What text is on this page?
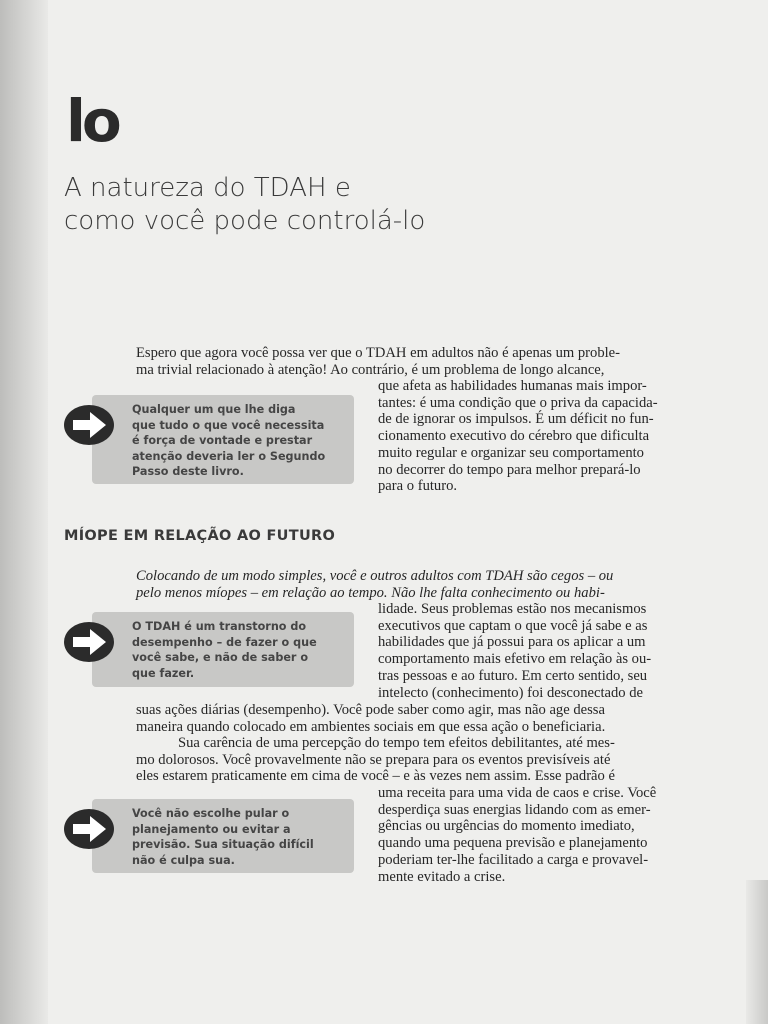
lo
A natureza do TDAH e
como você pode controlá-lo

Espero que agora você possa ver que o TDAH em adultos não é apenas um proble-
ma trivial relacionado à atenção! Ao contrário, é um problema de longo alcance,

que afeta as habilidades humanas mais impor-
tantes: é uma condição que o priva da capacida-
de de ignorar os impulsos. É um déficit no fun-
cionamento executivo do cérebro que dificulta
muito regular e organizar seu comportamento
no decorrer do tempo para melhor prepará-lo
para o futuro.

Qualquer um que lhe diga
que tudo o que você necessita
é força de vontade e prestar
atenção deveria ler o Segundo
Passo deste livro.
MÍOPE EM RELAÇÃO AO FUTURO

Colocando de um modo simples, você e outros adultos com TDAH são cegos – ou
pelo menos míopes – em relação ao tempo. Não lhe falta conhecimento ou habi-

lidade. Seus problemas estão nos mecanismos
executivos que captam o que você já sabe e as
habilidades que já possui para os aplicar a um
comportamento mais efetivo em relação às ou-
tras pessoas e ao futuro. Em certo sentido, seu
intelecto (conhecimento) foi desconectado de

suas ações diárias (desempenho). Você pode saber como agir, mas não age dessa
maneira quando colocado em ambientes sociais em que essa ação o beneficiaria.

O TDAH é um transtorno do
desempenho – de fazer o que
você sabe, e não de saber o
que fazer.

Sua carência de uma percepção do tempo tem efeitos debilitantes, até mes-
mo dolorosos. Você provavelmente não se prepara para os eventos previsíveis até
eles estarem praticamente em cima de você – e às vezes nem assim. Esse padrão é

uma receita para uma vida de caos e crise. Você
desperdiça suas energias lidando com as emer-
gências ou urgências do momento imediato,
quando uma pequena previsão e planejamento
poderiam ter-lhe facilitado a carga e provavel-
mente evitado a crise.

Você não escolhe pular o
planejamento ou evitar a
previsão. Sua situação difícil
não é culpa sua.
